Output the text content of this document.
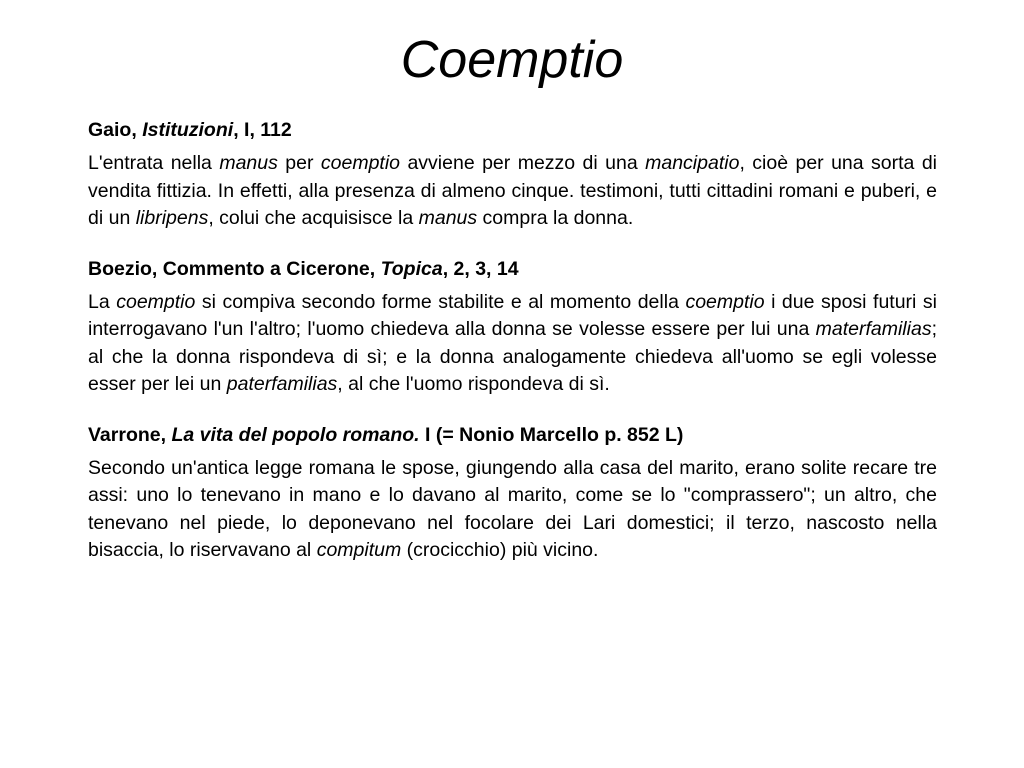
Coemptio
Gaio, Istituzioni, I, 112

L'entrata nella manus per coemptio avviene per mezzo di una mancipatio, cioè per una sorta di vendita fittizia. In effetti, alla presenza di almeno cinque. testimoni, tutti cittadini romani e puberi, e di un libripens, colui che acquisisce la manus compra la donna.

Boezio, Commento a Cicerone, Topica, 2, 3, 14

La coemptio si compiva secondo forme stabilite e al momento della coemptio i due sposi futuri si interrogavano l'un l'altro; l'uomo chiedeva alla donna se volesse essere per lui una materfamilias; al che la donna rispondeva di sì; e la donna analogamente chiedeva all'uomo se egli volesse esser per lei un paterfamilias, al che l'uomo rispondeva di sì.

Varrone, La vita del popolo romano. I (= Nonio Marcello p. 852 L)

Secondo un'antica legge romana le spose, giungendo alla casa del marito, erano solite recare tre assi: uno lo tenevano in mano e lo davano al marito, come se lo "comprassero"; un altro, che tenevano nel piede, lo deponevano nel focolare dei Lari domestici; il terzo, nascosto nella bisaccia, lo riservavano al compitum (crocicchio) più vicino.
